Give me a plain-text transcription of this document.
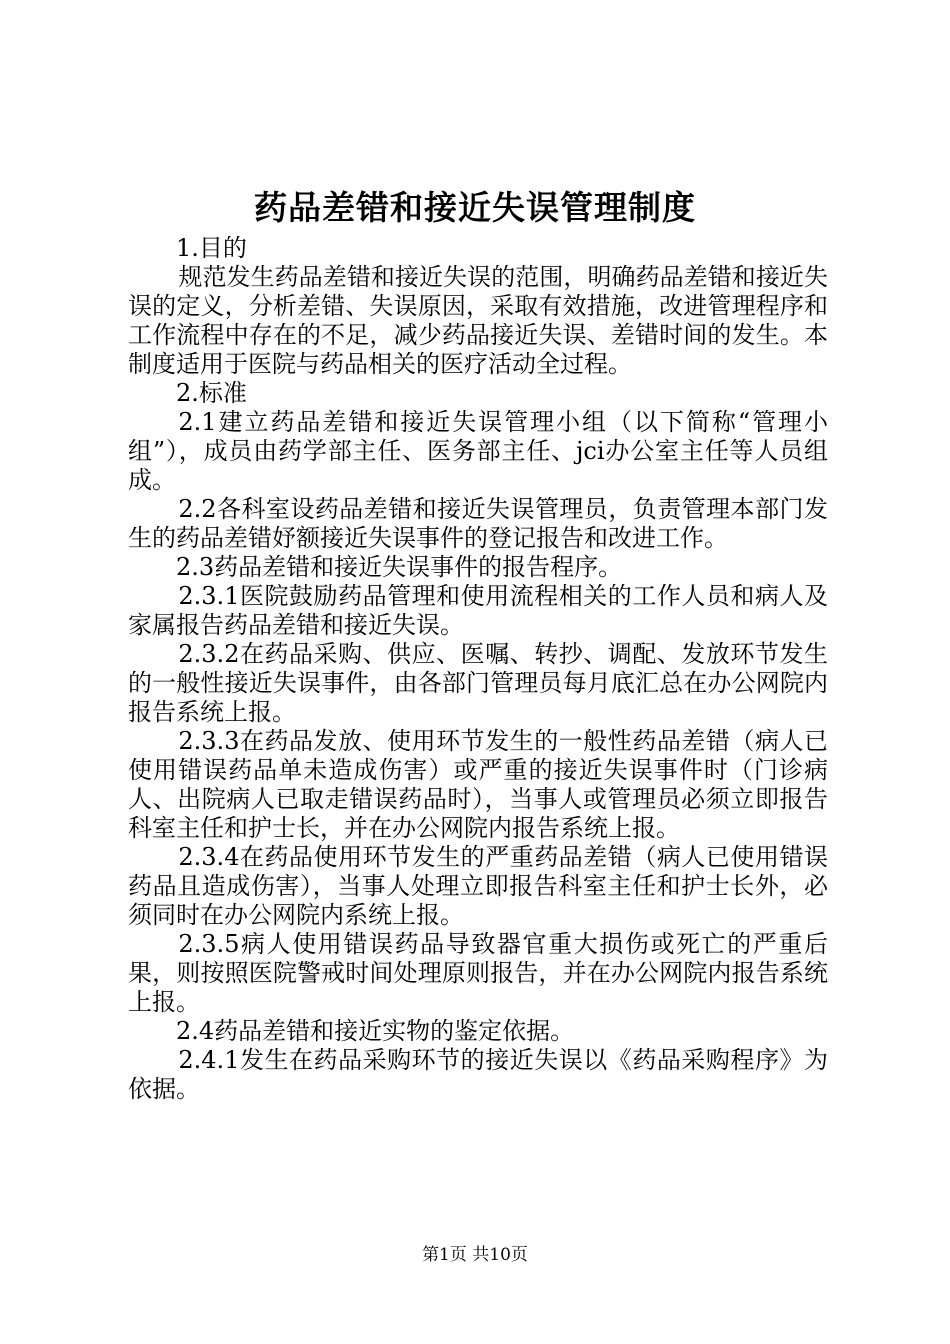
药品差错和接近失误管理制度

1.目的

规范发生药品差错和接近失误的范围，明确药品差错和接近失误的定义，分析差错、失误原因，采取有效措施，改进管理程序和工作流程中存在的不足，减少药品接近失误、差错时间的发生。本制度适用于医院与药品相关的医疗活动全过程。

2.标准

2.1建立药品差错和接近失误管理小组（以下简称“管理小组”），成员由药学部主任、医务部主任、jci办公室主任等人员组成。

2.2各科室设药品差错和接近失误管理员，负责管理本部门发生的药品差错妤额接近失误事件的登记报告和改进工作。

2.3药品差错和接近失误事件的报告程序。

2.3.1医院鼓励药品管理和使用流程相关的工作人员和病人及家属报告药品差错和接近失误。

2.3.2在药品采购、供应、医嘱、转抄、调配、发放环节发生的一般性接近失误事件，由各部门管理员每月底汇总在办公网院内报告系统上报。

2.3.3在药品发放、使用环节发生的一般性药品差错（病人已使用错误药品单未造成伤害）或严重的接近失误事件时（门诊病人、出院病人已取走错误药品时），当事人或管理员必须立即报告科室主任和护士长，并在办公网院内报告系统上报。

2.3.4在药品使用环节发生的严重药品差错（病人已使用错误药品且造成伤害），当事人处理立即报告科室主任和护士长外，必须同时在办公网院内系统上报。

2.3.5病人使用错误药品导致器官重大损伤或死亡的严重后果，则按照医院警戒时间处理原则报告，并在办公网院内报告系统上报。

2.4药品差错和接近实物的鉴定依据。

2.4.1发生在药品采购环节的接近失误以《药品采购程序》为依据。

第1页 共10页
